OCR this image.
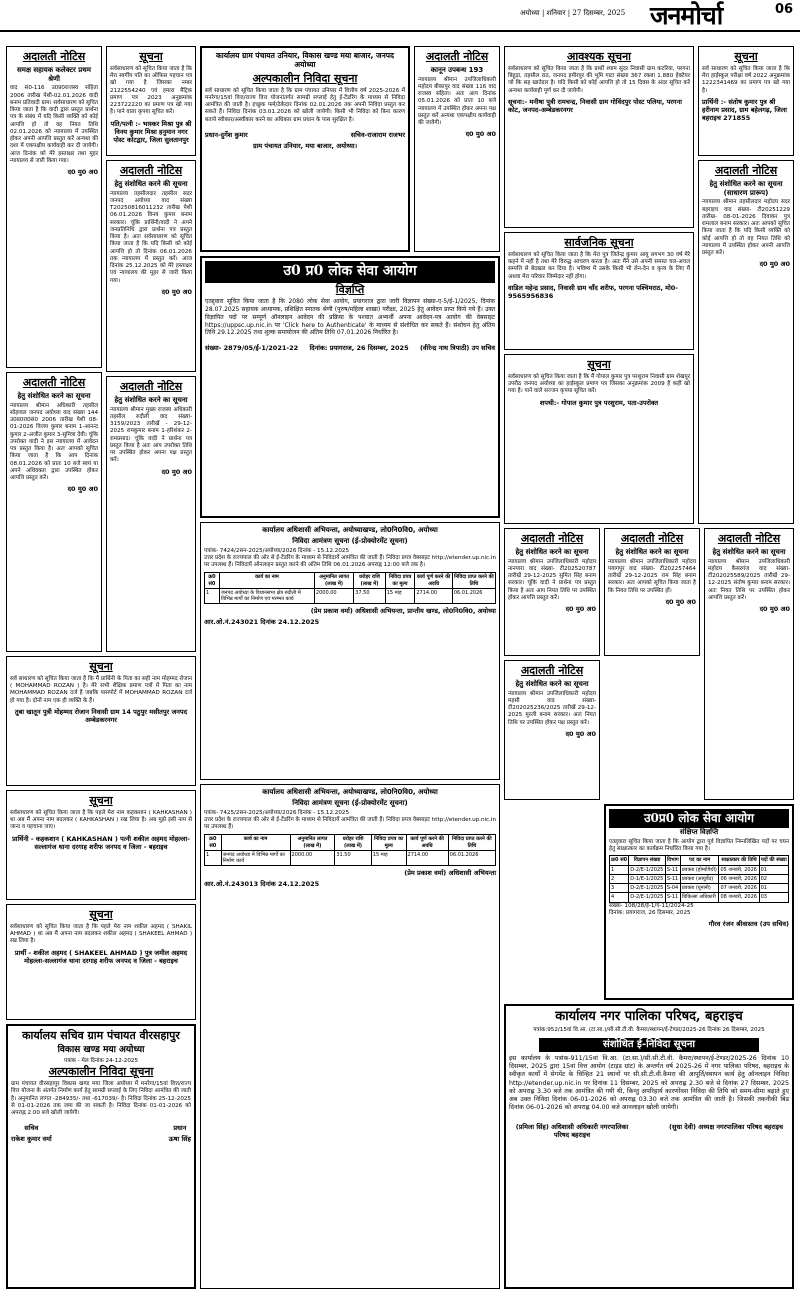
अयोध्या | शनिवार | 27 दिसम्बर, 2025 जनमोर्चा	06
अदालती नोटिस
समक्ष सहायक कलेक्टर प्रथम श्रेणी
वाद सं0-116 उ0प्र0राजस्व संहिता 2006 तारीख पेशी-02.01.2026 वादी बनाम प्रतिवादी ग्राम। सर्वसाधारण को सूचित किया जाता है कि वादी द्वारा प्रस्तुत प्रार्थना पत्र के संबंध में यदि किसी व्यक्ति को कोई आपत्ति हो तो वह नियत तिथि 02.01.2026 को न्यायालय में उपस्थित होकर अपनी आपत्ति प्रस्तुत करें अन्यथा की दशा में एकपक्षीय कार्यवाही कर दी जायेगी। आज दिनांक को मेरे हस्ताक्षर तथा मुहर न्यायालय से जारी किया गया।
द0 मु0 अ0
अदालती नोटिस
हेतु संशोधित करने का सूचना
न्यायालय श्रीमान अधिकारी तहसील सोहावल जनपद अयोध्या वाद संख्या 144 उ0प्र0रा0सं0 2006 तारीख पेशी 08-01-2026 विजय कुमार बनाम 1-आनन्द कुमार 2-अजीत कुमार 3-सुमित्रा देवी। चूंकि उपरोक्त वादी ने इस न्यायालय में आवेदन पत्र प्रस्तुत किया है। अतः आपको सूचित किया जाता है कि आप दिनांक 08.01.2026 को प्रातः 10 बजे स्वयं या अपने अधिवक्ता द्वारा उपस्थित होकर आपत्ति प्रस्तुत करें।
द0 मु0 अ0
सूचना
सर्वसाधारण को सूचित किया जाता है कि मेरा स्वर्गीय पति का ऑफिस पहचान पत्र खो गया है जिसका नम्बर 2122554240 एवं हमारा मैट्रिक प्रमाण पत्र 2023 अनुक्रमांक 223722220 का प्रमाण पत्र खो गया है। पाने वाला कृपया सूचित करें।
पति/पत्नी :- भास्कर मिश्रा पुत्र श्री विनय कुमार मिश्रा हनुमान नगर पोस्ट कोटद्वार, जिला सुलतानपुर
अदालती नोटिस
हेतु संशोधित करने की सूचना
न्यायालय तहसीलदार तहसील सदर जनपद अयोध्या वाद संख्या T20250816011232 तारीख पेशी 06.01.2026 विनय कुमार बनाम सरकार। चूंकि प्रार्थिनी/वादी ने अपने जनप्रतिनिधि द्वारा प्रार्थना पत्र प्रस्तुत किया है। अतः सर्वसाधारण को सूचित किया जाता है कि यदि किसी को कोई आपत्ति हो तो दिनांक 06.01.2026 तक न्यायालय में प्रस्तुत करें। आज दिनांक 25.12.2025 को मेरे हस्ताक्षर एवं न्यायालय की मुहर से जारी किया गया।
द0 मु0 अ0
अदालती नोटिस
हेतु संशोधित करने का सूचना
न्यायालय श्रीमान मुख्य राजस्व अधिकारी तहसील रुदौली वाद संख्या- 3159/2023 तारीखें - 29-12-2025 रामकुमार बनाम 1-हरिशंकर 2-रामप्रसाद। चूंकि वादी ने प्रार्थना पत्र प्रस्तुत किया है अतः आप उपरोक्त तिथि पर उपस्थित होकर अपना पक्ष प्रस्तुत करें।
द0 मु0 अ0
कार्यालय ग्राम पंचायत उनियार, विकास खण्ड मया बाजार, जनपद अयोध्या
अल्पकालीन निविदा सूचना
सर्व साधारण को सूचित किया जाता है कि ग्राम पंचायत उनियार में वित्तीय वर्ष 2025-2026 में मनरेगा/15वां वित्त/राज्य वित्त योजनांतर्गत सामग्री सप्लाई हेतु ई-टेंडरिंग के माध्यम से निविदा आमंत्रित की जाती है। इच्छुक फर्म/ठेकेदार दिनांक 02.01.2026 तक अपनी निविदा प्रस्तुत कर सकते हैं। निविदा दिनांक 03.01.2026 को खोली जायेगी। किसी भी निविदा को बिना कारण बताये स्वीकार/अस्वीकार करने का अधिकार ग्राम प्रधान के पास सुरक्षित है।
प्रधान-दुर्गेश कुमार	सचिव-राजाराम राजभर
ग्राम पंचायत उनियार, मया बाजार, अयोध्या।
अदालती नोटिस
कानून उपबन्ध 193
न्यायालय श्रीमान उपजिलाधिकारी महोदय बीकापुर वाद संख्या 116 वाद राजस्व संहिता। अतः आप दिनांक 05.01.2026 को प्रातः 10 बजे न्यायालय में उपस्थित होकर अपना पक्ष प्रस्तुत करें अन्यथा एकपक्षीय कार्यवाही की जायेगी।
द0 मु0 अ0
आवश्यक सूचना
सर्वसाधारण को सूचित किया जाता है कि प्रार्थी श्याम सुंदर निवासी ग्राम कटरिया, परगना बिहुड़ा, तहसील राठ, जनपद हमीरपुर की भूमि गाटा संख्या 367 रकबा 1.880 हेक्टेयर जो कि सह खातेदार है। यदि किसी को कोई आपत्ति हो तो 15 दिवस के अंदर सूचित करें अन्यथा कार्यवाही पूर्ण कर दी जायेगी।
सूचना:- मनीषा पुत्री रामचन्द्र, निवासी ग्राम गोविंदपुर पोस्ट पलिया, परगना कोट, जनपद-अम्बेडकरनगर
सार्वजनिक सूचना
सर्वसाधारण को सूचित किया जाता है कि मेरा पुत्र जितेन्द्र कुमार आयु लगभग 30 वर्ष मेरे कहने में नहीं है तथा मेरे विरुद्ध आचरण करता है। अतः मैंने उसे अपनी समस्त चल-अचल सम्पत्ति से बेदखल कर दिया है। भविष्य में उसके किसी भी लेन-देन व कृत्य के लिए मैं अथवा मेरा परिवार जिम्मेदार नहीं होगा।
वाडिल महेन्द्र प्रसाद, निवासी ग्राम चाँद शरीफ, परगना पश्चिमराठ, मो0-9565956836
सूचना
सर्वसाधारण को सूचित किया जाता है कि मैं गोपाल कुमार पुत्र परशुराम निवासी ग्राम शेखपुर उपरौठ जनपद अयोध्या का हाईस्कूल प्रमाण पत्र जिसका अनुक्रमांक 2009 है कहीं खो गया है। पाने वाले सज्जन कृपया सूचित करें।
शपथी:- गोपाल कुमार पुत्र परशुराम, पता-उपरोक्त
सूचना
सर्व साधारण को सूचित किया जाता है कि मेरा हाईस्कूल परीक्षा वर्ष 2022 अनुक्रमांक 1222341469 का प्रमाण पत्र खो गया है।
प्रार्थिनी :- संतोष कुमार पुत्र श्री हरीनाम प्रसाद, ग्राम बहेलगढ़, जिला बहराइच 271855
अदालती नोटिस
हेतु संशोधित करने का सूचना (साधारण प्रारूप)
न्यायालय श्रीमान तहसीलदार महोदय सदर बहराइच वाद संख्या- टी20251229 तारीख- 08-01-2026 दिवाकर पुत्र रामलाल बनाम सरकार। अतः आपको सूचित किया जाता है कि यदि किसी व्यक्ति को कोई आपत्ति हो तो वह नियत तिथि को न्यायालय में उपस्थित होकर अपनी आपत्ति प्रस्तुत करें।
द0 मु0 अ0
उ0 प्र0 लोक सेवा आयोग
विज्ञप्ति
एतद्द्वारा सूचित किया जाता है कि 2080 लोक सेवा आयोग, प्रयागराज द्वारा जारी विज्ञापन संख्या-ए-5/ई-1/2025, दिनांक 28.07.2025 सहायक अध्यापक, प्रशिक्षित स्नातक श्रेणी (पुरुष/महिला शाखा) परीक्षा, 2025 हेतु आवेदन प्राप्त किये गये हैं। उक्त विज्ञापित पदों पर सम्पूर्ण ऑनलाइन आवेदन की प्रक्रिया के पश्चात अभ्यर्थी अपना आवेदन-पत्र आयोग की वेबसाइट https://uppsc.up.nic.in पर 'Click here to Authenticate' के माध्यम से संशोधित कर सकते हैं। संशोधन हेतु अंतिम तिथि 29.12.2025 तथा शुल्क समायोजन की अंतिम तिथि 07.01.2026 निर्धारित है।
संख्या- 2879/05/ई-1/2021-22 दिनांक: प्रयागराज, 26 दिसम्बर, 2025 (वीरेन्द्र नाथ त्रिपाठी) उप सचिव
कार्यालय अधिशासी अभियन्ता, अयोध्याखण्ड, लो0नि0वि0, अयोध्या
निविदा आमंत्रण सूचना (ई-प्रोक्योरमेंट सूचना)
पत्रांक- 7424/2सन-2025/अयोध्या/2026 दिनांक - 15.12.2025
उत्तर प्रदेश के राज्यपाल की ओर से ई-टेंडरिंग के माध्यम से निविदायें आमंत्रित की जाती हैं। निविदा प्रपत्र वेबसाइट http://etender.up.nic.in पर उपलब्ध हैं। निविदायें ऑनलाइन प्रस्तुत करने की अंतिम तिथि 06.01.2026 अपराह्न 12:00 बजे तक है।
क्र0 सं0	कार्य का नाम	अनुमानित लागत (लाख में)	धरोहर राशि (लाख में)	निविदा प्रपत्र का मूल्य	कार्य पूर्ण करने की अवधि	निविदा प्राप्त करने की तिथि
1	जनपद अयोध्या के विधानसभा क्षेत्र रुदौली में विभिन्न मार्गों का निर्माण एवं मरम्मत कार्य	2000.00	37.50	15 माह	2714.00	06.01.2026
(प्रेम प्रकाश वर्मा) अधिशासी अभियन्ता, प्रान्तीय खण्ड, लो0नि0वि0, अयोध्या
आर.ओ.नं.243021 दिनांक 24.12.2025
कार्यालय अधिशासी अभियन्ता, अयोध्याखण्ड, लो0नि0वि0, अयोध्या
निविदा आमंत्रण सूचना (ई-प्रोक्योरमेंट सूचना)
पत्रांक- 7425/2सन-2025/अयोध्या/2026 दिनांक - 15.12.2025
उत्तर प्रदेश के राज्यपाल की ओर से ई-टेंडरिंग के माध्यम से निविदायें आमंत्रित की जाती हैं। निविदा प्रपत्र वेबसाइट http://etender.up.nic.in पर उपलब्ध हैं।
क्र0 सं0	कार्य का नाम	अनुमानित लागत (लाख में)	धरोहर राशि (लाख में)	निविदा प्रपत्र का मूल्य	कार्य पूर्ण करने की अवधि	निविदा प्राप्त करने की तिथि
1	जनपद अयोध्या में विभिन्न मार्गों का निर्माण कार्य	2000.00	31.50	15 माह	2714.00	06.01.2026
(प्रेम प्रकाश वर्मा) अधिशासी अभियन्ता
आर.ओ.नं.243013 दिनांक 24.12.2025
सूचना
सर्व साधारण को सूचित किया जाता है कि मैं प्रार्थिनी के पिता का सही नाम मोहम्मद रोजान ( MOHAMMAD ROZAN ) है। मेरे सभी शैक्षिक प्रमाण पत्रों में पिता का नाम MOHAMMAD ROZAN दर्ज है जबकि पासपोर्ट में MOHAMMAD ROZAN दर्ज हो गया है। दोनों नाम एक ही व्यक्ति के हैं।
तुबा खातून पुत्री मोहम्मद रोजान निवासी ग्राम 14 पठुपुर मसीतपुर जनपद अम्बेडकरनगर
सूचना
सर्वसाधारण को सूचित किया जाता है कि पहले मेरा नाम कहकशान ( KAHKASHAN ) था अब मैं अपना नाम बदलकर ( KAHKASHAN ) रख लिया है। अब मुझे इसी नाम से जाना व पहचाना जाए।
प्रार्थिनी - कहकशान ( KAHKASHAN ) पत्नी शकील अहमद मोहल्ला-सल्लागंज थाना दरगाह शरीफ जनपद व जिला - बहराइच
सूचना
सर्वसाधारण को सूचित किया जाता है कि पहले मेरा नाम शकील अहमद ( SHAKIL AHMAD ) था अब मैं अपना नाम बदलकर शकील अहमद ( SHAKEEL AHMAD ) रख लिया है।
प्रार्थी - शकील अहमद ( SHAKEEL AHMAD ) पुत्र जमील अहमद मोहल्ला-सल्लागंज थाना दरगाह शरीफ जनपद व जिला - बहराइच
कार्यालय सचिव ग्राम पंचायत वीरसहापुर
विकास खण्ड मया अयोध्या
पत्रांक - मेल दिनांक 24-12-2025
अल्पकालीन निविदा सूचना
ग्राम पंचायत वीरसहापुर विकास खण्ड मया जिला अयोध्या में मनरेगा/15वां वित्त/राज्य वित्त योजना के अंतर्गत निर्माण कार्य हेतु सामग्री सप्लाई के लिए निविदा आमंत्रित की जाती है। अनुमानित लागत -284935/- तथा -617039/- है। निविदा दिनांक 25-12-2025 से 01-01-2026 तक जमा की जा सकती है। निविदा दिनांक 01-01-2026 को अपराह्न 2.00 बजे खोली जायेगी।
सचिव
राकेश कुमार वर्मा
प्रधान
ऊषा सिंह
अदालती नोटिस
हेतु संशोधित करने का सूचना
न्यायालय श्रीमान उपजिलाधिकारी महोदय नानपारा वाद संख्या- टी202520787 तारीखें 29-12-2025 सुमित सिंह बनाम सरकार। चूंकि वादी ने प्रार्थना पत्र प्रस्तुत किया है अतः आप नियत तिथि पर उपस्थित होकर आपत्ति प्रस्तुत करें।
द0 मु0 अ0
अदालती नोटिस
हेतु संशोधित करने का सूचना
न्यायालय श्रीमान उपजिलाधिकारी महोदय पयागपुर वाद संख्या- टी202257464 तारीखें 29-12-2025 राम सिंह बनाम सरकार। अतः आपको सूचित किया जाता है कि नियत तिथि पर उपस्थित हों।
द0 मु0 अ0
अदालती नोटिस
हेतु संशोधित करने का सूचना
न्यायालय श्रीमान उपजिलाधिकारी महोदय महसी वाद संख्या- टी202025236/2025 तारीखें 29-12-2025 मुरली बनाम सरकार। अतः नियत तिथि पर उपस्थित होकर पक्ष प्रस्तुत करें।
द0 मु0 अ0
अदालती नोटिस
हेतु संशोधित करने का सूचना
न्यायालय श्रीमान उपजिलाधिकारी महोदय कैसरगंज वाद संख्या- टी202025589/2025 तारीखें 29-12-2025 संतोष कुमार बनाम सरकार। अतः नियत तिथि पर उपस्थित होकर आपत्ति प्रस्तुत करें।
द0 मु0 अ0
उ0प्र0 लोक सेवा आयोग
संक्षिप्त विज्ञप्ति
एतद्द्वारा सूचित किया जाता है कि आयोग द्वारा पूर्व विज्ञापित निम्नलिखित पदों पर चयन हेतु साक्षात्कार का कार्यक्रम निर्धारित किया गया है।
क्र0 सं0	विज्ञापन संख्या	विभाग	पद का नाम	साक्षात्कार की तिथि	पदों की संख्या
1	D-2/E-1/2025	S-11	प्रवक्ता (होम्योपैथी)	05 जनवरी, 2026	01
2	D-1/E-1/2025	S-11	प्रवक्ता (आयुर्वेद)	06 जनवरी, 2026	02
3	D-2/E-1/2025	S-04	प्रवक्ता (यूनानी)	07 जनवरी, 2026	01
4	D-2/E-1/2025	S-11	चिकित्सा अधिकारी	08 जनवरी, 2026	03
संख्या- 108/28/ई-1/ए-11/2024-25
दिनांक: प्रयागराज, 26 दिसम्बर, 2025
गौरव रंजन श्रीवास्तव (उप सचिव)
कार्यालय नगर पालिका परिषद, बहराइच
पत्रांक:952/15वां वि.आ. (टा.सा.)/सी.सी.टी.वी. कैमरा/स्थापन/ई-टेण्डर/2025-26 दिनांक 26 दिसम्बर, 2025
संशोधित ई-निविदा सूचना
इस कार्यालय के पत्रांक-911/15वां वि.आ. (टा.सा.)/सी.सी.टी.वी. कैमरा/स्थापन/ई-टेण्डर/2025-26 दिनांक 10 दिसम्बर, 2025 द्वारा 15वां वित्त आयोग (टाइड ग्रांट) के अन्तर्गत वर्ष 2025-26 में नगर पालिका परिषद, बहराइच के स्वीकृत कार्यों में सेगमेंट के चिन्हित 21 स्थानों पर सी.सी.टी.वी.कैमरा की आपूर्ति/स्थापन कार्य हेतु ऑनलाइन निविदा http://etender.up.nic.in पर दिनांक 11 दिसम्बर, 2025 को अपराह्न 2.30 बजे से दिनांक 27 दिसम्बर, 2025 को अपराह्न 3.30 बजे तक आमंत्रित की गयी थी, किन्तु अपरिहार्य कारणोंवश निविदा की तिथि को समय-सीमा बढ़ाते हुए अब उक्त निविदा दिनांक 06-01-2026 को अपराह्न 03.30 बजे तक आमंत्रित की जाती है। जिसकी तकनीकी बिड दिनांक 06-01-2026 को अपराह्न 04.00 बजे आनलाइन खोली जायेगी।
(प्रमिला सिंह) अधिशासी अधिकारी नगरपालिका परिषद बहराइच
(सुधा देवी) अध्यक्ष नगरपालिका परिषद बहराइच
